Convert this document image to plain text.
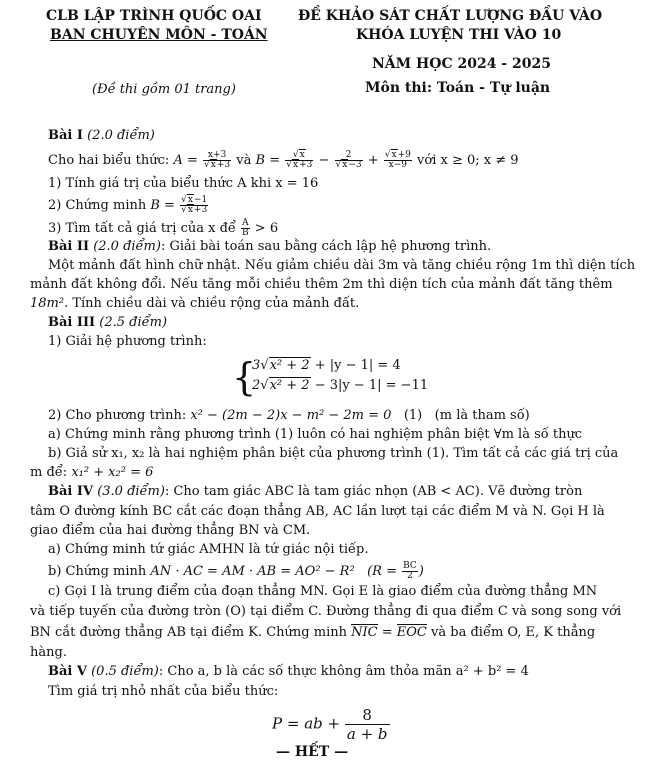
CLB LẬP TRÌNH QUỐC OAI
BAN CHUYÊN MÔN - TOÁN
(Đề thi gồm 01 trang)
ĐỀ KHẢO SÁT CHẤT LƯỢNG ĐẦU VÀO
KHÓA LUYỆN THI VÀO 10
NĂM HỌC 2024 - 2025
Môn thi: Toán - Tự luận
Bài I (2.0 điểm)
Cho hai biểu thức: $A = \frac{x+3}{√x+3}$ và $B = \frac{√x}{√x+3} - \frac{2}{√x-3} + \frac{√x+9}{x-9}$ với x ≥ 0; x ≠ 9
1) Tính giá trị của biểu thức A khi x = 16
2) Chứng minh $B = \frac{√x-1}{√x+3}$
3) Tìm tất cả giá trị của x để $\frac{A}{B} > 6$
Bài II (2.0 điểm): Giải bài toán sau bằng cách lập hệ phương trình.
Một mảnh đất hình chữ nhật. Nếu giảm chiều dài 3m và tăng chiều rộng 1m thì diện tích
mảnh đất không đổi. Nếu tăng mỗi chiều thêm 2m thì diện tích của mảnh đất tăng thêm
18m². Tính chiều dài và chiều rộng của mảnh đất.
Bài III (2.5 điểm)
1) Giải hệ phương trình:
{
3√x² + 2 + |y − 1| = 4
2√x² + 2 − 3|y − 1| = −11
2) Cho phương trình: x² − (2m − 2)x − m² − 2m = 0 (1) (m là tham số)
a) Chứng minh rằng phương trình (1) luôn có hai nghiệm phân biệt ∀m là số thực
b) Giả sử x₁, x₂ là hai nghiệm phân biệt của phương trình (1). Tìm tất cả các giá trị của
m để: x₁² + x₂² = 6
Bài IV (3.0 điểm): Cho tam giác ABC là tam giác nhọn (AB < AC). Vẽ đường tròn
tâm O đường kính BC cắt các đoạn thẳng AB, AC lần lượt tại các điểm M và N. Gọi H là
giao điểm của hai đường thẳng BN và CM.
a) Chứng minh tứ giác AMHN là tứ giác nội tiếp.
b) Chứng minh AN · AC = AM · AB = AO² − R² ($R = \frac{BC}{2}$ )
c) Gọi I là trung điểm của đoạn thẳng MN. Gọi E là giao điểm của đường thẳng MN
và tiếp tuyến của đường tròn (O) tại điểm C. Đường thẳng đi qua điểm C và song song với
BN cắt đường thẳng AB tại điểm K. Chứng minh NIC = EOC và ba điểm O, E, K thẳng
hàng.
Bài V (0.5 điểm): Cho a, b là các số thực không âm thỏa mãn a² + b² = 4
Tìm giá trị nhỏ nhất của biểu thức:
P = ab + $\frac{8}{a + b}$
— HẾT —
